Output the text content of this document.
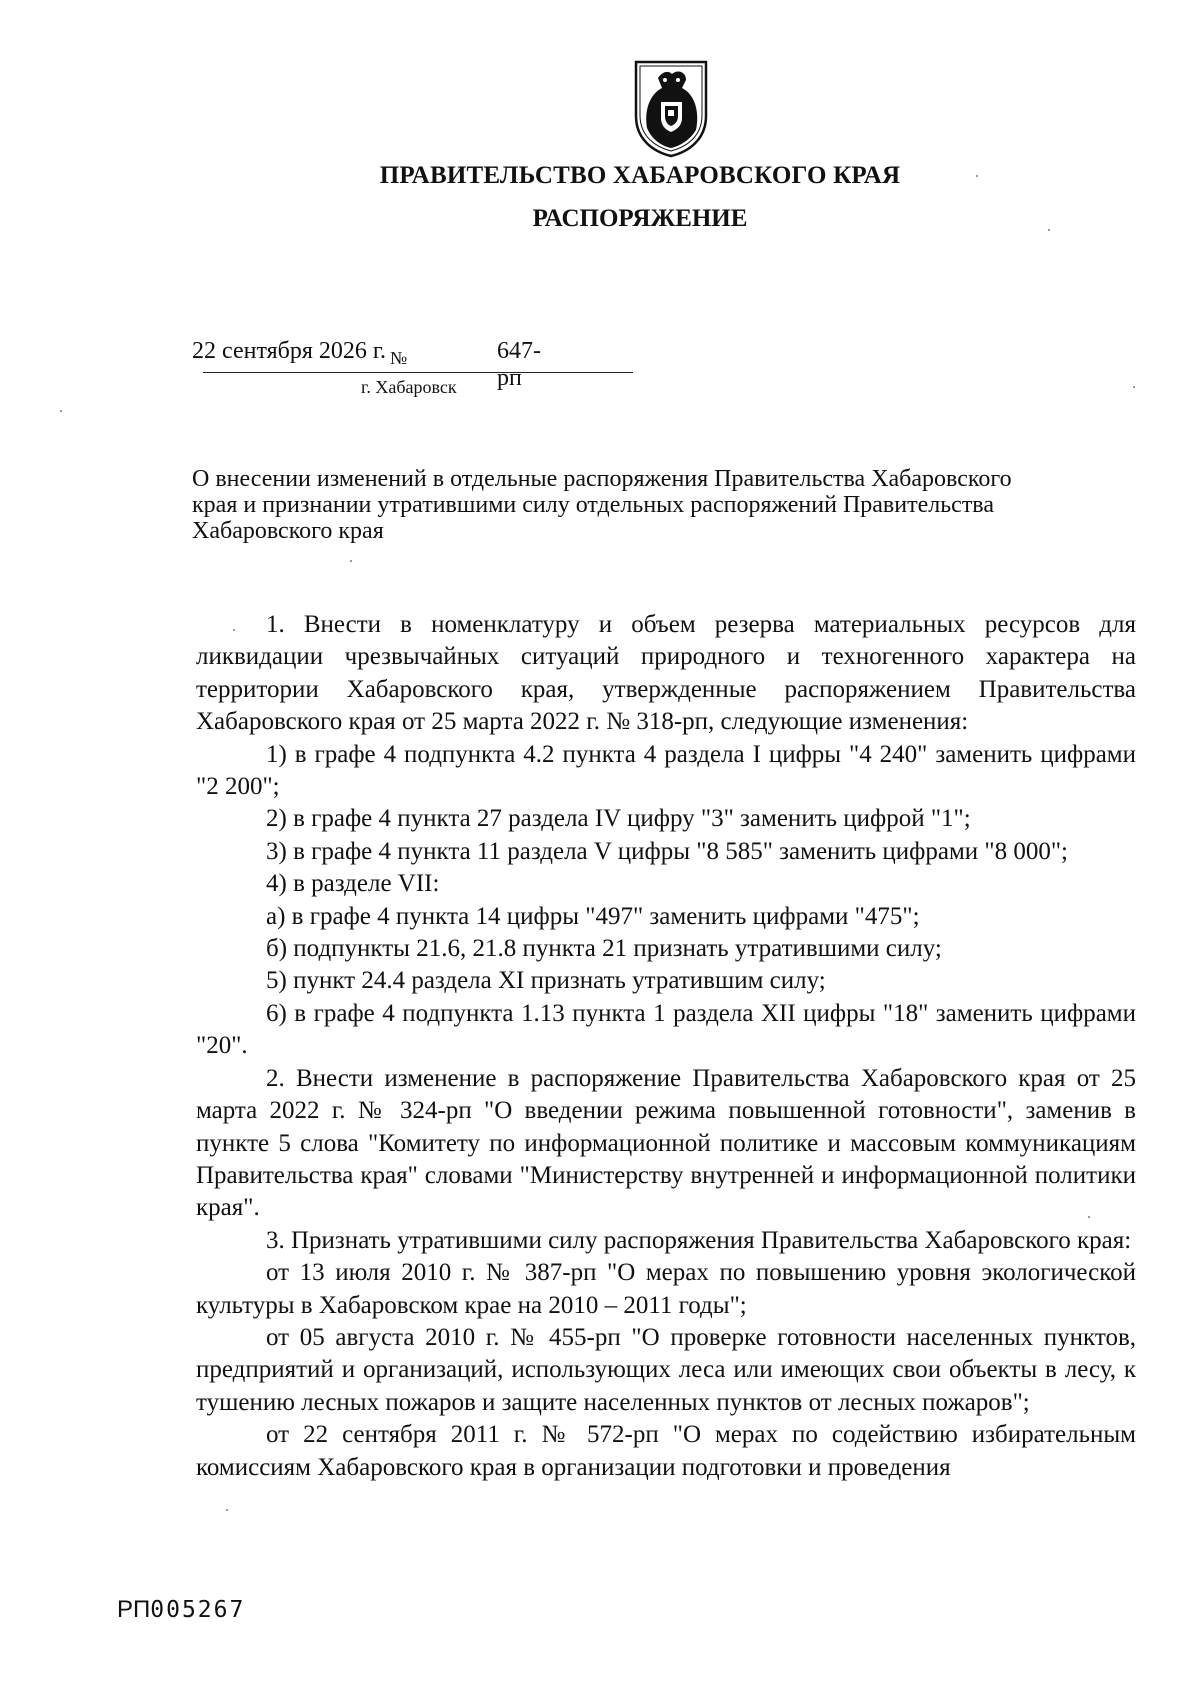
ПРАВИТЕЛЬСТВО ХАБАРОВСКОГО КРАЯ
РАСПОРЯЖЕНИЕ
22 сентября 2026 г. $_№$	647-рп
г. Хабаровск
О внесении изменений в отдельные распоряжения Правительства Хабаровского
края и признании утратившими силу отдельных распоряжений Правительства
Хабаровского края

1. Внести в номенклатуру и объем резерва материальных ресурсов для ликвидации чрезвычайных ситуаций природного и техногенного характера на территории Хабаровского края, утвержденные распоряжением Правительства Хабаровского края от 25 марта 2022 г. № 318-рп, следующие изменения:

1) в графе 4 подпункта 4.2 пункта 4 раздела I цифры "4 240" заменить цифрами "2 200";

2) в графе 4 пункта 27 раздела IV цифру "3" заменить цифрой "1";

3) в графе 4 пункта 11 раздела V цифры "8 585" заменить цифрами "8 000";

4) в разделе VII:

а) в графе 4 пункта 14 цифры "497" заменить цифрами "475";

б) подпункты 21.6, 21.8 пункта 21 признать утратившими силу;

5) пункт 24.4 раздела XI признать утратившим силу;

6) в графе 4 подпункта 1.13 пункта 1 раздела XII цифры "18" заменить цифрами "20".

2. Внести изменение в распоряжение Правительства Хабаровского края от 25 марта 2022 г. № 324-рп "О введении режима повышенной готовности", заменив в пункте 5 слова "Комитету по информационной политике и массовым коммуникациям Правительства края" словами "Министерству внутренней и информационной политики края".

3. Признать утратившими силу распоряжения Правительства Хабаровского края:

от 13 июля 2010 г. № 387-рп "О мерах по повышению уровня экологической культуры в Хабаровском крае на 2010 – 2011 годы";

от 05 августа 2010 г. № 455-рп "О проверке готовности населенных пунктов, предприятий и организаций, использующих леса или имеющих свои объекты в лесу, к тушению лесных пожаров и защите населенных пунктов от лесных пожаров";

от 22 сентября 2011 г. № 572-рп "О мерах по содействию избирательным комиссиям Хабаровского края в организации подготовки и проведения

РП005267
